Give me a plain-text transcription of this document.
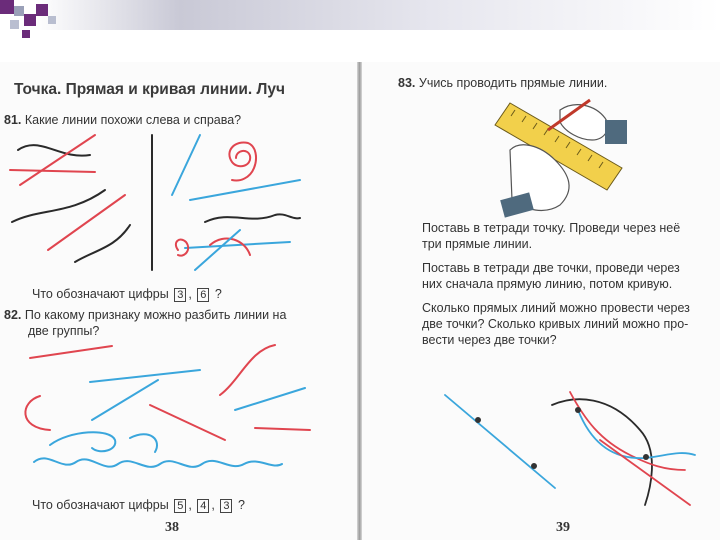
Точка. Прямая и кривая линии. Луч
81. Какие линии похожи слева и справа?
Что обозначают цифры 3 , 6 ?
82. По какому признаку можно разбить линии на
две группы?
Что обозначают цифры 5 , 4 , 3 ?
38
83. Учись проводить прямые линии.
Поставь в тетради точку. Проведи через неё
три прямые линии.
Поставь в тетради две точки, проведи через
них сначала прямую линию, потом кривую.
Сколько прямых линий можно провести через
две точки? Сколько кривых линий можно про-
вести через две точки?
39
